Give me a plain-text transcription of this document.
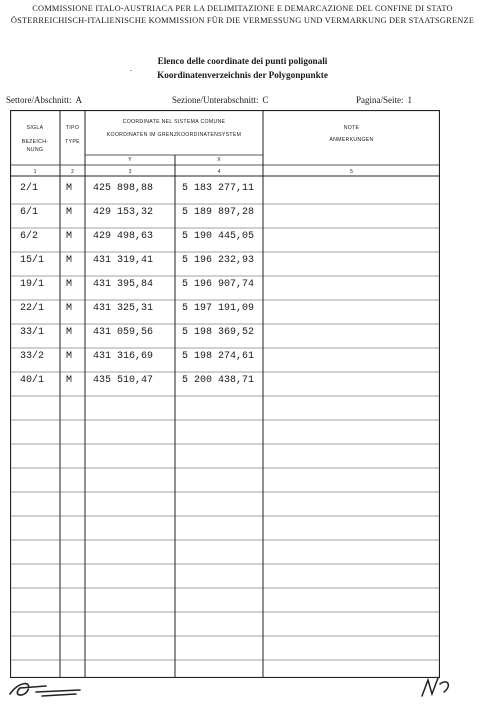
COMMISSIONE ITALO-AUSTRIACA PER LA DELIMITAZIONE E DEMARCAZIONE DEL CONFINE DI STATO
ÖSTERREICHISCH-ITALIENISCHE KOMMISSION FÜR DIE VERMESSUNG UND VERMARKUNG DER STAATSGRENZE
Elenco delle coordinate dei punti poligonali
Koordinatenverzeichnis der Polygonpunkte
.
Settore/Abschnitt: A	Sezione/Unterabschnitt: C	Pagina/Seite: 1
SIGLA
BEZEICH-
NUNG
TIPO
TYPE
COORDINATE NEL SISTEMA COMUNE
KOORDINATEN IM GRENZKOORDINATENSYSTEM
Y	X
NOTE
ANMERKUNGEN
1	2	3	4	5
2/1	M 425 898,88	5 183 277,11
6/1	M 429 153,32	5 189 897,28
6/2	M 429 498,63	5 190 445,05
15/1 M 431 319,41	5 196 232,93
19/1 M 431 395,84	5 196 907,74
22/1 M 431 325,31	5 197 191,09
33/1 M 431 059,56	5 198 369,52
33/2 M 431 316,69	5 198 274,61
40/1 M 435 510,47	5 200 438,71
